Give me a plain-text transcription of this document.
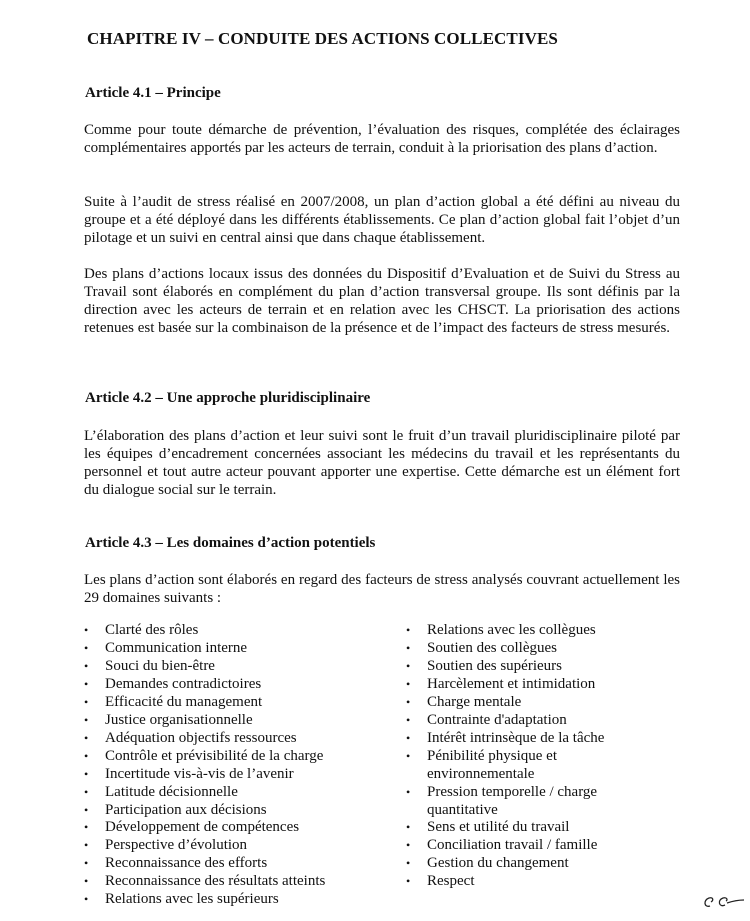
CHAPITRE IV – CONDUITE DES ACTIONS COLLECTIVES
Article 4.1 – Principe
Comme pour toute démarche de prévention, l’évaluation des risques, complétée des éclairages complémentaires apportés par les acteurs de terrain, conduit à la priorisation des plans d’action.
Suite à l’audit de stress réalisé en 2007/2008, un plan d’action global a été défini au niveau du groupe et a été déployé dans les différents établissements. Ce plan d’action global fait l’objet d’un pilotage et un suivi en central ainsi que dans chaque établissement.
Des plans d’actions locaux issus des données du Dispositif d’Evaluation et de Suivi du Stress au Travail sont élaborés en complément du plan d’action transversal groupe. Ils sont définis par la direction avec les acteurs de terrain et en relation avec les CHSCT. La priorisation des actions retenues est basée sur la combinaison de la présence et de l’impact des facteurs de stress mesurés.
Article 4.2 – Une approche pluridisciplinaire
L’élaboration des plans d’action et leur suivi sont le fruit d’un travail pluridisciplinaire piloté par les équipes d’encadrement concernées associant les médecins du travail et les représentants du personnel et tout autre acteur pouvant apporter une expertise. Cette démarche est un élément fort du dialogue social sur le terrain.
Article 4.3 – Les domaines d’action potentiels
Les plans d’action sont élaborés en regard des facteurs de stress analysés couvrant actuellement les 29 domaines suivants :
• Clarté des rôles
• Communication interne
• Souci du bien-être
• Demandes contradictoires
• Efficacité du management
• Justice organisationnelle
• Adéquation objectifs ressources
• Contrôle et prévisibilité de la charge
• Incertitude vis-à-vis de l’avenir
• Latitude décisionnelle
• Participation aux décisions
• Développement de compétences
• Perspective d’évolution
• Reconnaissance des efforts
• Reconnaissance des résultats atteints
• Relations avec les supérieurs
• Relations avec les collègues
• Soutien des collègues
• Soutien des supérieurs
• Harcèlement et intimidation
• Charge mentale
• Contrainte d'adaptation
• Intérêt intrinsèque de la tâche
• Pénibilité physique et environnementale
• Pression temporelle / charge quantitative
• Sens et utilité du travail
• Conciliation travail / famille
• Gestion du changement
• Respect
